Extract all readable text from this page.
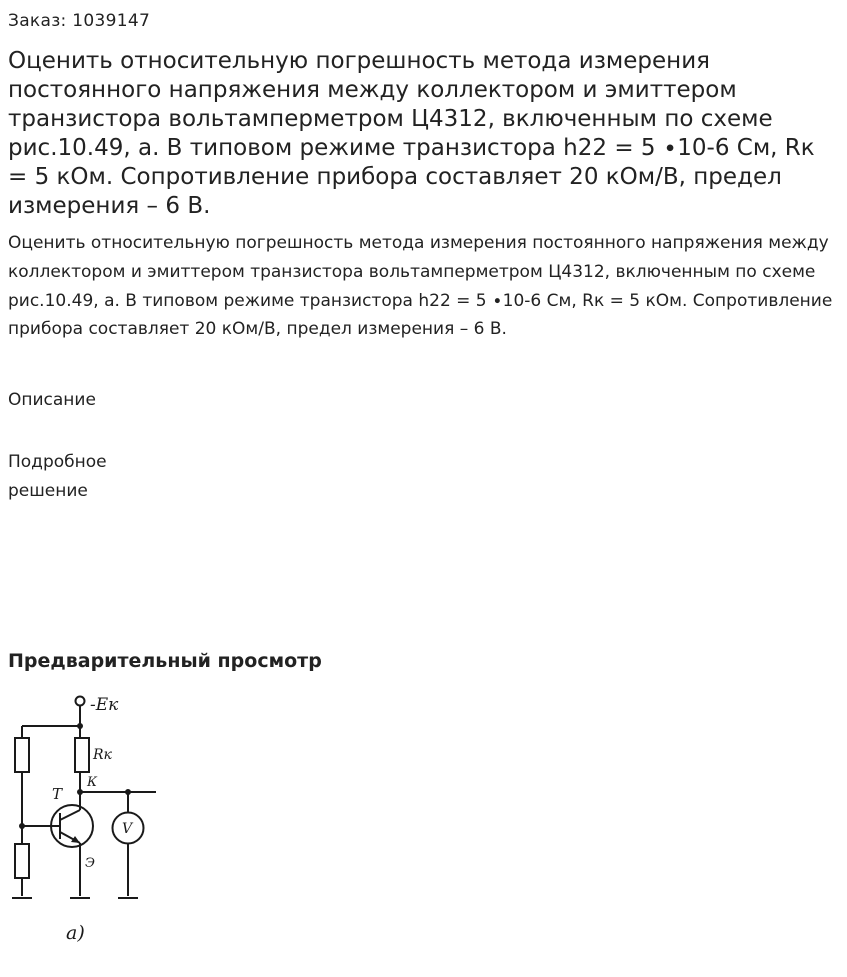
Заказ: 1039147
Оценить относительную погрешность метода измерения постоянного напряжения между коллектором и эмиттером транзистора вольтамперметром Ц4312, включенным по схеме рис.10.49, а. В типовом режиме транзистора h22 = 5 ∙10-6 См, Rк = 5 кОм. Сопротивление прибора составляет 20 кОм/В, предел измерения – 6 В.

Оценить относительную погрешность метода измерения постоянного напряжения между коллектором и эмиттером транзистора вольтамперметром Ц4312, включенным по схеме рис.10.49, а. В типовом режиме транзистора h22 = 5 ∙10-6 См, Rк = 5 кОм. Сопротивление прибора составляет 20 кОм/В, предел измерения – 6 В.

Описание
Подробное решение
Предварительный просмотр
-Eк
Rк
К
T
Э
V
а)
